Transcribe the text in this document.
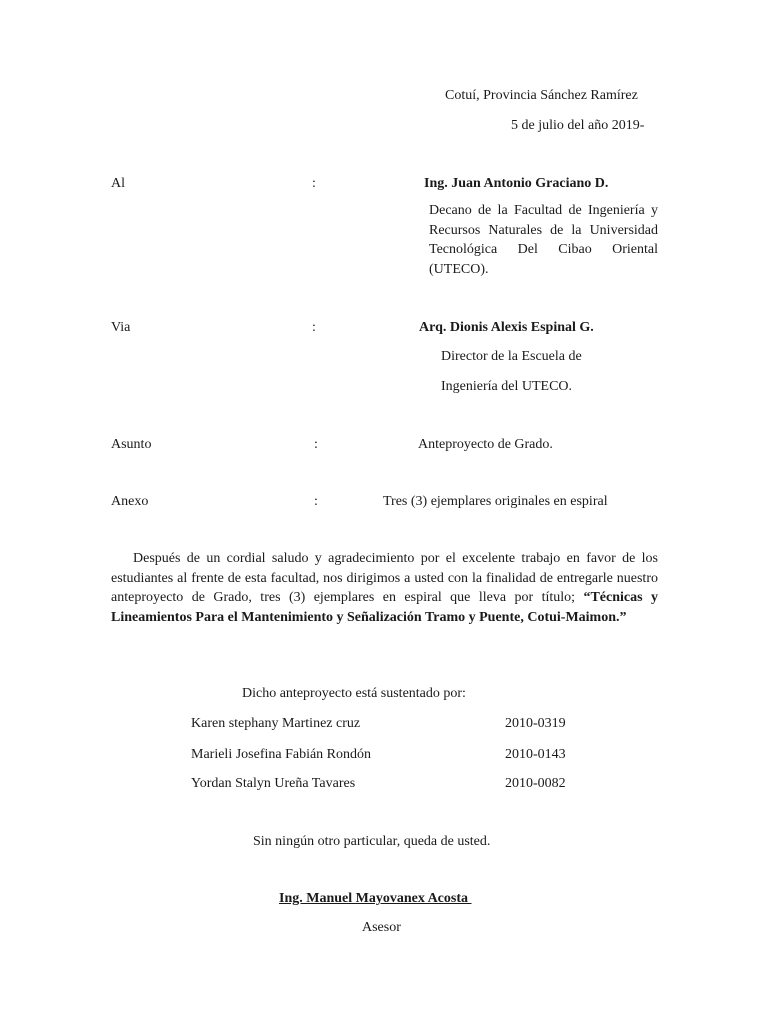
Cotuí, Provincia Sánchez Ramírez
5 de julio del año 2019-
Al	:	Ing. Juan Antonio Graciano D.
Decano de la Facultad de Ingeniería y Recursos Naturales de la Universidad Tecnológica Del Cibao Oriental (UTECO).
Via	:	Arq. Dionis Alexis Espinal G.
Director de la Escuela de
Ingeniería del UTECO.
Asunto	:	Anteproyecto de Grado.
Anexo	:	Tres (3) ejemplares originales en espiral
Después de un cordial saludo y agradecimiento por el excelente trabajo en favor de los estudiantes al frente de esta facultad, nos dirigimos a usted con la finalidad de entregarle nuestro anteproyecto de Grado, tres (3) ejemplares en espiral que lleva por título; “Técnicas y Lineamientos Para el Mantenimiento y Señalización Tramo y Puente, Cotui-Maimon.”
Dicho anteproyecto está sustentado por:
Karen stephany Martinez cruz	2010-0319
Marieli Josefina Fabián Rondón	2010-0143
Yordan Stalyn Ureña Tavares	2010-0082
Sin ningún otro particular, queda de usted.
Ing. Manuel Mayovanex Acosta
Asesor
